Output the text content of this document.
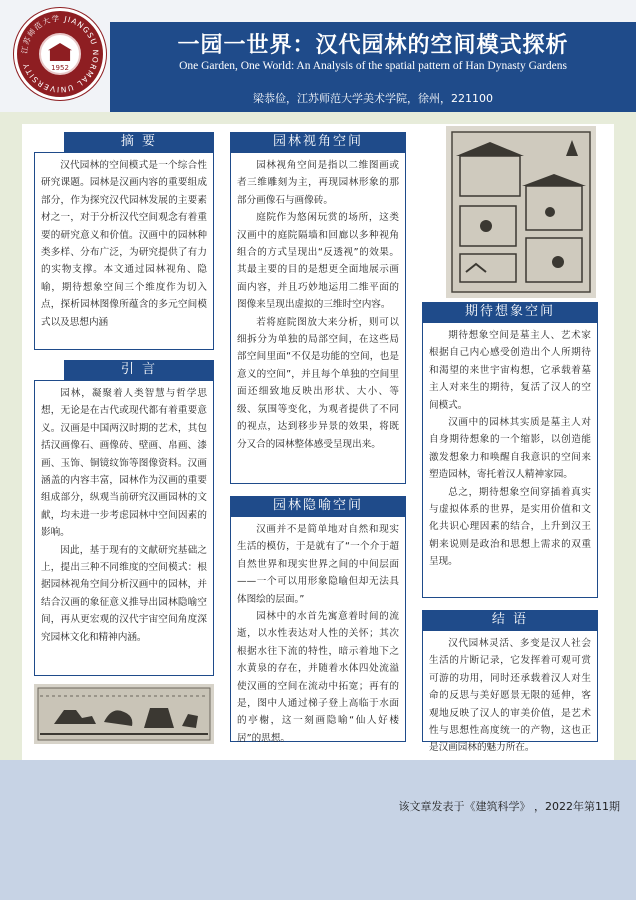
江苏师范大学 JIANGSU NORMAL UNIVERSITY	1952
一园一世界：汉代园林的空间模式探析
One Garden, One World: An Analysis of the spatial pattern of Han Dynasty Gardens
梁恭俭，江苏师范大学美术学院，徐州，221100
摘 要

汉代园林的空间模式是一个综合性研究课题。园林是汉画内容的重要组成部分，作为探究汉代园林发展的主要素材之一，对于分析汉代空间观念有着重要的研究意义和价值。汉画中的园林种类多样、分布广泛，为研究提供了有力的实物支撑。本文通过园林视角、隐喻，期待想象空间三个维度作为切入点，探析园林图像所蕴含的多元空间模式以及思想内涵

引 言

园林，凝聚着人类智慧与哲学思想，无论是在古代或现代都有着重要意义。汉画是中国两汉时期的艺术，其包括汉画像石、画像砖、壁画、帛画、漆画、玉饰、铜镜纹饰等图像资料。汉画涵盖的内容丰富，园林作为汉画的重要组成部分，纵观当前研究汉画园林的文献，均未进一步考虑园林中空间因素的影响。

因此，基于现有的文献研究基础之上，提出三种不同维度的空间模式：根据园林视角空间分析汉画中的园林，并结合汉画的象征意义推导出园林隐喻空间，再从更宏观的汉代宇宙空间角度深究园林文化和精神内涵。

园林视角空间

园林视角空间是指以二维图画或者三维雕刻为主，再现园林形象的那部分画像石与画像砖。

庭院作为悠闲玩赏的场所，这类汉画中的庭院隔墙和回廊以多种视角组合的方式呈现出“反透视”的效果。其最主要的目的是想更全面地展示画面内容，并且巧妙地运用二维平面的图像来呈现出虚拟的三维时空内容。

若将庭院图放大来分析，则可以细拆分为单独的局部空间，在这些局部空间里面“不仅是功能的空间，也是意义的空间”，并且每个单独的空间里面还细致地反映出形状、大小、等级、氛围等变化，为观者提供了不同的视点，达到移步异景的效果，将既分又合的园林整体感受呈现出来。

园林隐喻空间

汉画并不是简单地对自然和现实生活的模仿，于是就有了“一个介于超自然世界和现实世界之间的中间层面——一个可以用形象隐喻但却无法具体图绘的层面。”

园林中的水首先寓意着时间的流逝，以水性表达对人性的关怀；其次根据水往下流的特性，暗示着地下之水黄泉的存在，并随着水体四处流溢使汉画的空间在流动中拓宽；再有的是，图中人通过梯子登上高临于水面的亭榭，这一刻画隐喻“仙人好楼居”的思想。

期待想象空间

期待想象空间是墓主人、艺术家根据自己内心感受创造出个人所期待和渴望的来世宇宙构想，它承载着墓主人对来生的期待，复活了汉人的空间模式。

汉画中的园林其实质是墓主人对自身期待想象的一个缩影，以创造能激发想象力和唤醒自我意识的空间来塑造园林，寄托着汉人精神家园。

总之，期待想象空间穿插着真实与虚拟体系的世界，是实用价值和文化共识心理因素的结合，上升到汉王朝来说则是政治和思想上需求的双重呈现。

结 语

汉代园林灵活、多变是汉人社会生活的片断记录，它发挥着可观可赏可游的功用，同时还承载着汉人对生命的反思与美好愿景无限的延伸，客观地反映了汉人的审美价值，是艺术性与思想性高度统一的产物，这也正是汉画园林的魅力所在。

该文章发表于《建筑科学》 ，2022年第11期
